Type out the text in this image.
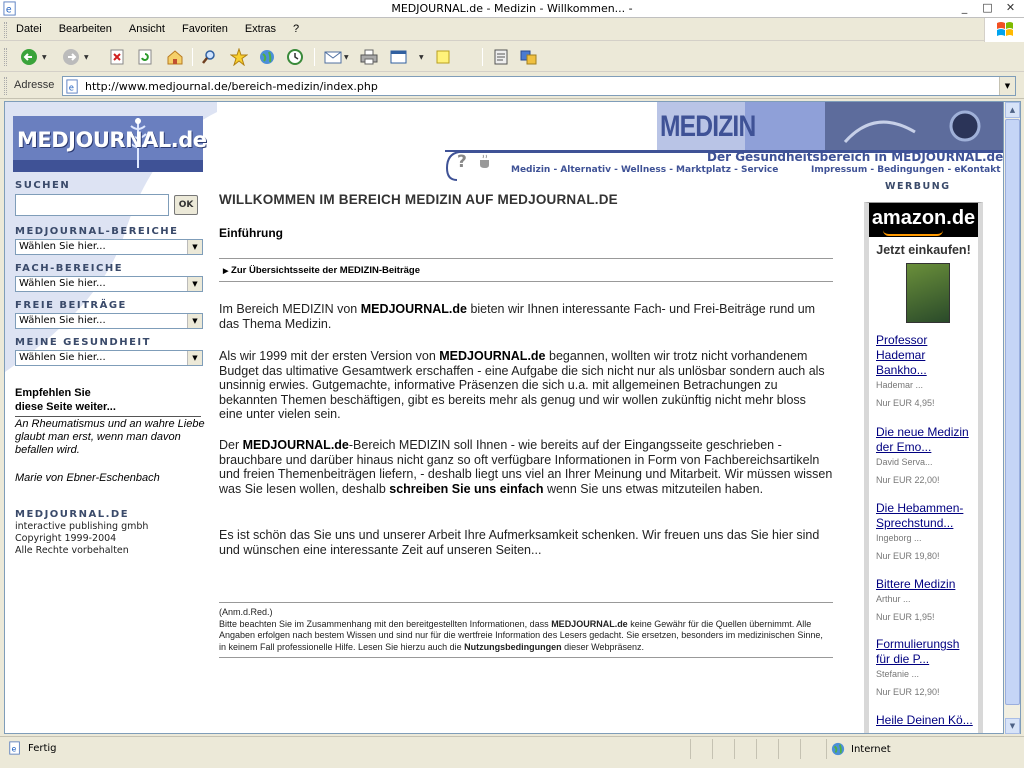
e	MEDJOURNAL.de - Medizin - Willkommen... -	_	□	✕
Datei Bearbeiten Ansicht Favoriten Extras ?
▼	▼	▼	▼
Adresse e http://www.medjournal.de/bereich-medizin/index.php	▼
MEDJOURNAL.de
SUCHEN
OK
MEDJOURNAL-BEREICHE
Wählen Sie hier...	▼
FACH-BEREICHE
Wählen Sie hier...	▼
FREIE BEITRÄGE
Wählen Sie hier...	▼
MEINE GESUNDHEIT
Wählen Sie hier...	▼
Empfehlen Sie
diese Seite weiter...
An Rheumatismus und an wahre Liebe glaubt man erst, wenn man davon befallen wird.
Marie von Ebner-Eschenbach
MEDJOURNAL.DE
interactive publishing gmbh
Copyright 1999-2004
Alle Rechte vorbehalten
MEDIZIN
?	Der Gesundheitsbereich in MEDJOURNAL.de
Medizin - Alternativ - Wellness - Marktplatz - Service	Impressum - Bedingungen - eKontakt
WERBUNG
WILLKOMMEN IM BEREICH MEDIZIN AUF MEDJOURNAL.DE
Einführung
▶ Zur Übersichtsseite der MEDIZIN-Beiträge

Im Bereich MEDIZIN von MEDJOURNAL.de bieten wir Ihnen interessante Fach- und Frei-Beiträge rund um das Thema Medizin.

Als wir 1999 mit der ersten Version von MEDJOURNAL.de begannen, wollten wir trotz nicht vorhandenem Budget das ultimative Gesamtwerk erschaffen - eine Aufgabe die sich nicht nur als unlösbar sondern auch als unsinnig erwies. Gutgemachte, informative Präsenzen die sich u.a. mit allgemeinen Betrachungen zu bekannten Themen beschäftigen, gibt es bereits mehr als genug und wir wollen zukünftig nicht mehr bloss eine unter vielen sein.

Der MEDJOURNAL.de-Bereich MEDIZIN soll Ihnen - wie bereits auf der Eingangsseite geschrieben - brauchbare und darüber hinaus nicht ganz so oft verfügbare Informationen in Form von Fachbereichsartikeln und freien Themenbeiträgen liefern, - deshalb liegt uns viel an Ihrer Meinung und Mitarbeit. Wir müssen wissen was Sie lesen wollen, deshalb schreiben Sie uns einfach wenn Sie uns etwas mitzuteilen haben.

Es ist schön das Sie uns und unserer Arbeit Ihre Aufmerksamkeit schenken. Wir freuen uns das Sie hier sind und wünschen eine interessante Zeit auf unseren Seiten...

(Anm.d.Red.)
Bitte beachten Sie im Zusammenhang mit den bereitgestellten Informationen, dass MEDJOURNAL.de keine Gewähr für die Quellen übernimmt. Alle Angaben erfolgen nach bestem Wissen und sind nur für die wertfreie Information des Lesers gedacht. Sie ersetzen, besonders im medizinischen Sinne, in keinem Fall professionelle Hilfe. Lesen Sie hierzu auch die Nutzungsbedingungen dieser Webpräsenz.
amazon.de
Jetzt einkaufen!
Professor Hademar Bankho...
Hademar ...
Nur EUR 4,95!
Die neue Medizin der Emo...
David Serva...
Nur EUR 22,00!
Die Hebammen-Sprechstund...
Ingeborg ...
Nur EUR 19,80!
Bittere Medizin
Arthur ...
Nur EUR 1,95!
Formulierungsh für die P...
Stefanie ...
Nur EUR 12,90!
Heile Deinen Kö...
▲
▼
e Fertig	Internet
